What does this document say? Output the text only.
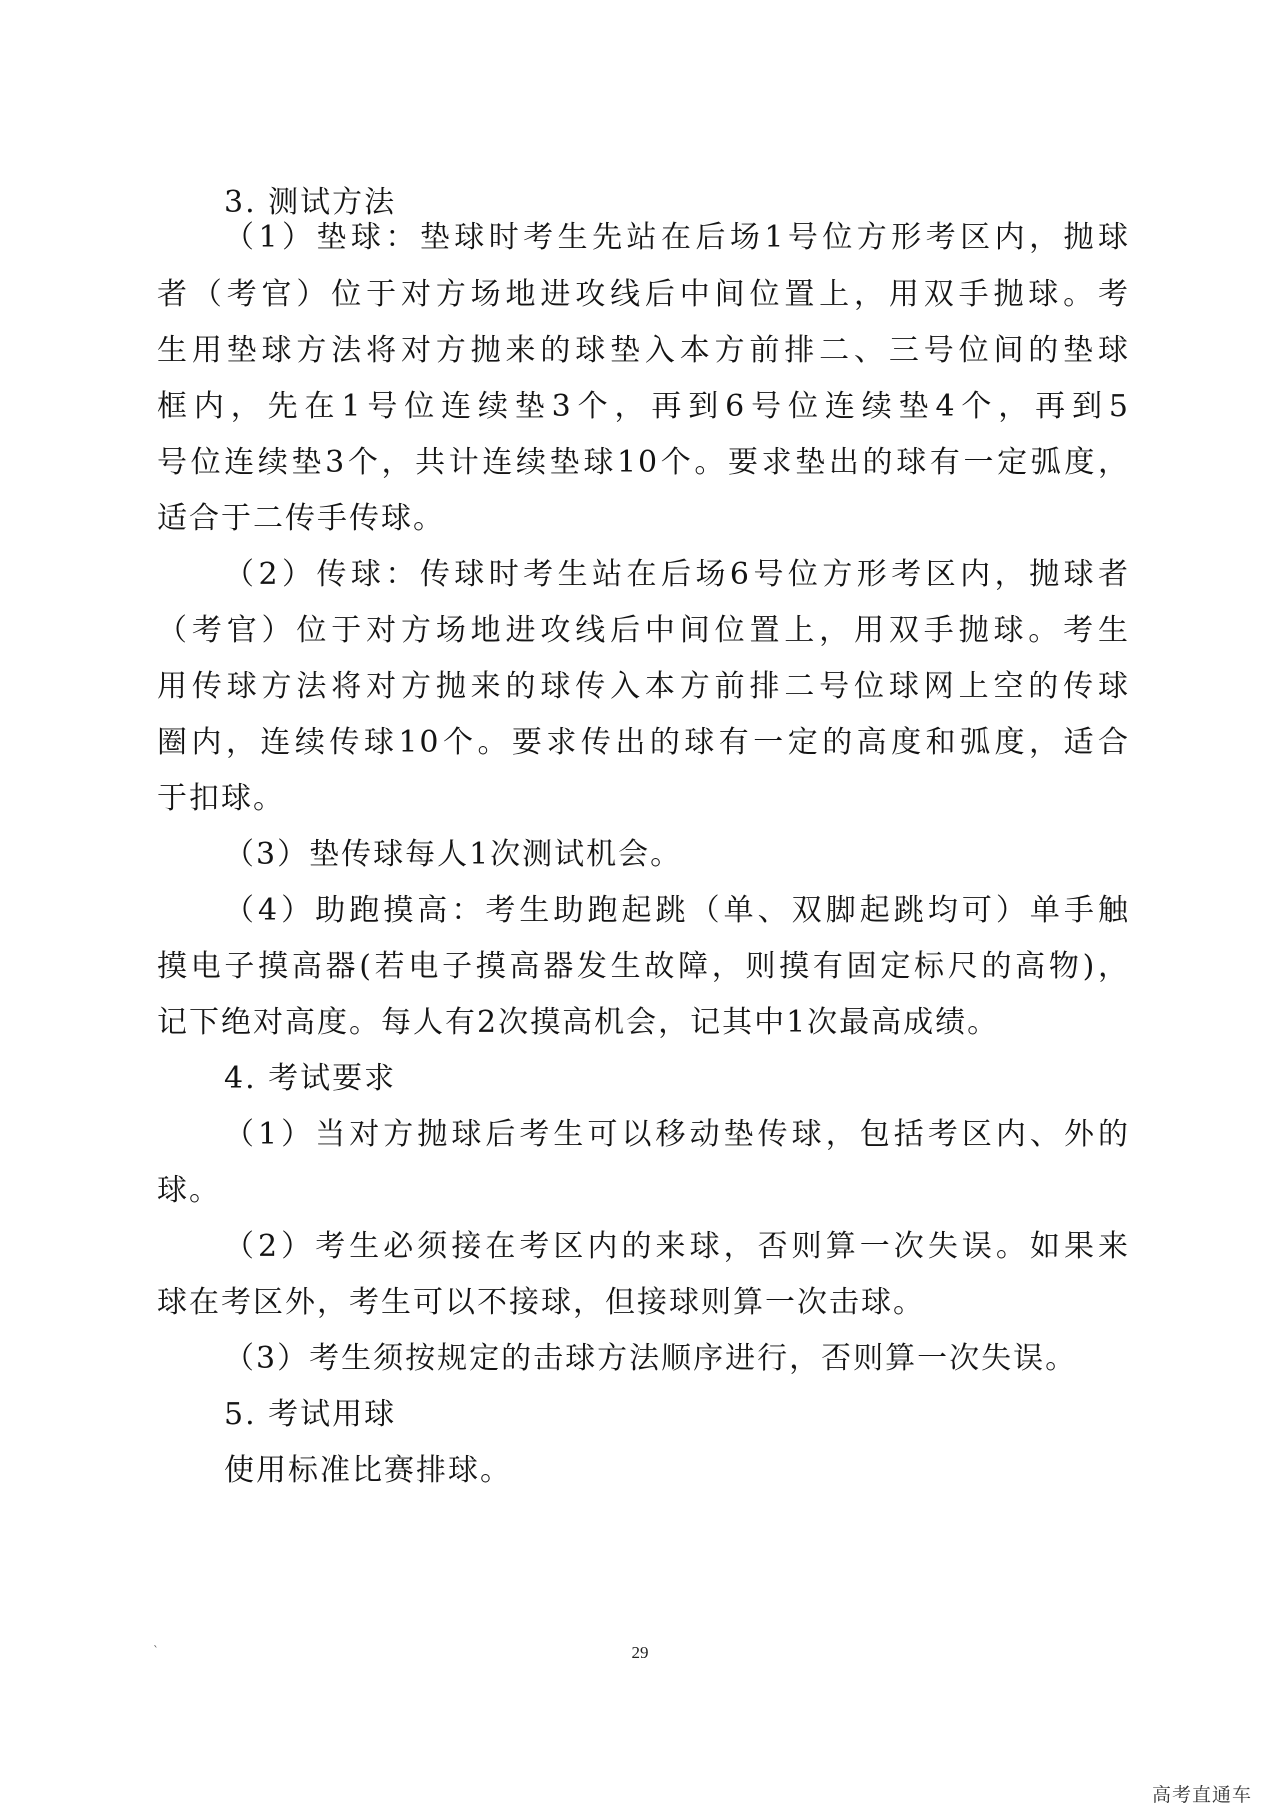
3. 测试方法
（1）垫球：垫球时考生先站在后场1号位方形考区内，抛球
者（考官）位于对方场地进攻线后中间位置上，用双手抛球。考
生用垫球方法将对方抛来的球垫入本方前排二、三号位间的垫球
框内，先在1号位连续垫3个，再到6号位连续垫4个，再到5
号位连续垫3个，共计连续垫球10个。要求垫出的球有一定弧度，
适合于二传手传球。
（2）传球：传球时考生站在后场6号位方形考区内，抛球者
（考官）位于对方场地进攻线后中间位置上，用双手抛球。考生
用传球方法将对方抛来的球传入本方前排二号位球网上空的传球
圈内，连续传球10个。要求传出的球有一定的高度和弧度，适合
于扣球。
（3）垫传球每人1次测试机会。
（4）助跑摸高：考生助跑起跳（单、双脚起跳均可）单手触
摸电子摸高器(若电子摸高器发生故障，则摸有固定标尺的高物)，
记下绝对高度。每人有2次摸高机会，记其中1次最高成绩。
4. 考试要求
（1）当对方抛球后考生可以移动垫传球，包括考区内、外的
球。
（2）考生必须接在考区内的来球，否则算一次失误。如果来
球在考区外，考生可以不接球，但接球则算一次击球。
（3）考生须按规定的击球方法顺序进行，否则算一次失误。
5. 考试用球
使用标准比赛排球。
`	29
高考直通车
